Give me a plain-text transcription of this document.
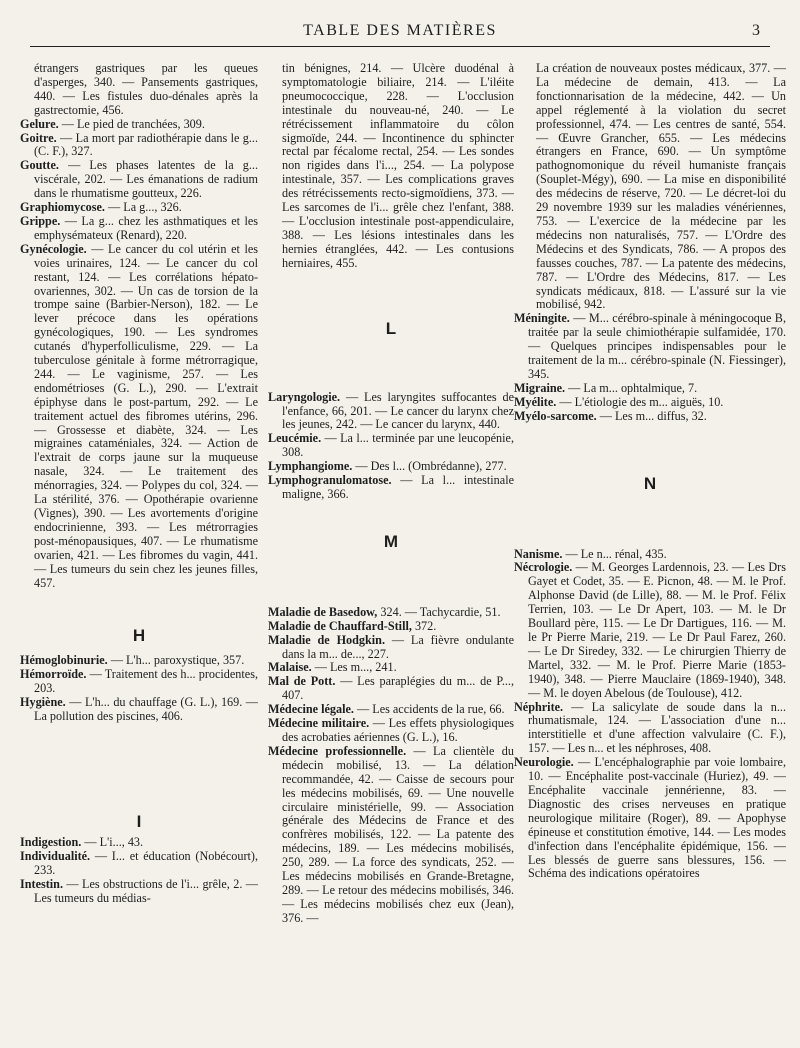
TABLE DES MATIÈRES	3

étrangers gastriques par les queues d'asperges, 340. — Pansements gastriques, 440. — Les fistules duo-dénales après la gastrectomie, 456.

Gelure. — Le pied de tranchées, 309.

Goitre. — La mort par radiothérapie dans le g... (C. F.), 327.

Goutte. — Les phases latentes de la g... viscérale, 202. — Les émanations de radium dans le rhumatisme goutteux, 226.

Graphiomycose. — La g..., 326.

Grippe. — La g... chez les asthmatiques et les emphysémateux (Renard), 220.

Gynécologie. — Le cancer du col utérin et les voies urinaires, 124. — Le cancer du col restant, 124. — Les corrélations hépato-ovariennes, 302. — Un cas de torsion de la trompe saine (Barbier-Nerson), 182. — Le lever précoce dans les opérations gynécologiques, 190. — Les syndromes cutanés d'hyperfolliculisme, 229. — La tuberculose génitale à forme métrorragique, 244. — Le vaginisme, 257. — Les endométrioses (G. L.), 290. — L'extrait épiphyse dans le post-partum, 292. — Le traitement actuel des fibromes utérins, 296. — Grossesse et diabète, 324. — Les migraines cataméniales, 324. — Action de l'extrait de corps jaune sur la muqueuse nasale, 324. — Le traitement des ménorragies, 324. — Polypes du col, 324. — La stérilité, 376. — Opothérapie ovarienne (Vignes), 390. — Les avortements d'origine endocrinienne, 393. — Les métrorragies post-ménopausiques, 407. — Le rhumatisme ovarien, 421. — Les fibromes du vagin, 441. — Les tumeurs du sein chez les jeunes filles, 457.

H

Hémoglobinurie. — L'h... paroxystique, 357.

Hémorroïde. — Traitement des h... procidentes, 203.

Hygiène. — L'h... du chauffage (G. L.), 169. — La pollution des piscines, 406.

I

Indigestion. — L'i..., 43.

Individualité. — I... et éducation (Nobécourt), 233.

Intestin. — Les obstructions de l'i... grêle, 2. — Les tumeurs du médias-

tin bénignes, 214. — Ulcère duodénal à symptomatologie biliaire, 214. — L'iléite pneumococcique, 228. — L'occlusion intestinale du nouveau-né, 240. — Le rétrécissement inflammatoire du côlon sigmoïde, 244. — Incontinence du sphincter rectal par fécalome rectal, 254. — Les sondes non rigides dans l'i..., 254. — La polypose intestinale, 357. — Les complications graves des rétrécissements recto-sigmoïdiens, 373. — Les sarcomes de l'i... grêle chez l'enfant, 388. — L'occlusion intestinale post-appendiculaire, 388. — Les lésions intestinales dans les hernies étranglées, 442. — Les contusions herniaires, 455.

L

Laryngologie. — Les laryngites suffocantes de l'enfance, 66, 201. — Le cancer du larynx chez les jeunes, 242. — Le cancer du larynx, 440.

Leucémie. — La l... terminée par une leucopénie, 308.

Lymphangiome. — Des l... (Ombrédanne), 277.

Lymphogranulomatose. — La l... intestinale maligne, 366.

M

Maladie de Basedow, 324. — Tachycardie, 51.

Maladie de Chauffard-Still, 372.

Maladie de Hodgkin. — La fièvre ondulante dans la m... de..., 227.

Malaise. — Les m..., 241.

Mal de Pott. — Les paraplégies du m... de P..., 407.

Médecine légale. — Les accidents de la rue, 66.

Médecine militaire. — Les effets physiologiques des acrobaties aériennes (G. L.), 16.

Médecine professionnelle. — La clientèle du médecin mobilisé, 13. — La délation recommandée, 42. — Caisse de secours pour les médecins mobilisés, 69. — Une nouvelle circulaire ministérielle, 99. — Association générale des Médecins de France et des confrères mobilisés, 122. — La patente des médecins, 189. — Les médecins mobilisés, 250, 289. — La force des syndicats, 252. — Les médecins mobilisés en Grande-Bretagne, 289. — Le retour des médecins mobilisés, 346. — Les médecins mobilisés chez eux (Jean), 376. —

La création de nouveaux postes médicaux, 377. — La médecine de demain, 413. — La fonctionnarisation de la médecine, 442. — Un appel réglementé à la violation du secret professionnel, 474. — Les centres de santé, 554. — Œuvre Grancher, 655. — Les médecins étrangers en France, 690. — Un symptôme pathognomonique du réveil humaniste français (Souplet-Mégy), 690. — La mise en disponibilité des médecins de réserve, 720. — Le décret-loi du 29 novembre 1939 sur les maladies vénériennes, 753. — L'exercice de la médecine par les médecins non naturalisés, 757. — L'Ordre des Médecins et des Syndicats, 786. — A propos des fausses couches, 787. — La patente des médecins, 787. — L'Ordre des Médecins, 817. — Les syndicats médicaux, 818. — L'assuré sur la vie mobilisé, 942.

Méningite. — M... cérébro-spinale à méningocoque B, traitée par la seule chimiothérapie sulfamidée, 170. — Quelques principes indispensables pour le traitement de la m... cérébro-spinale (N. Fiessinger), 345.

Migraine. — La m... ophtalmique, 7.

Myélite. — L'étiologie des m... aiguës, 10.

Myélo-sarcome. — Les m... diffus, 32.

N

Nanisme. — Le n... rénal, 435.

Nécrologie. — M. Georges Lardennois, 23. — Les Drs Gayet et Codet, 35. — E. Picnon, 48. — M. le Prof. Alphonse David (de Lille), 88. — M. le Prof. Félix Terrien, 103. — Le Dr Apert, 103. — M. le Dr Boullard père, 115. — Le Dr Dartigues, 116. — M. le Pr Pierre Marie, 219. — Le Dr Paul Farez, 260. — Le Dr Siredey, 332. — Le chirurgien Thierry de Martel, 332. — M. le Prof. Pierre Marie (1853-1940), 348. — Pierre Mauclaire (1869-1940), 348. — M. le doyen Abelous (de Toulouse), 412.

Néphrite. — La salicylate de soude dans la n... rhumatismale, 124. — L'association d'une n... interstitielle et d'une affection valvulaire (C. F.), 157. — Les n... et les néphroses, 408.

Neurologie. — L'encéphalographie par voie lombaire, 10. — Encéphalite post-vaccinale (Huriez), 49. — Encéphalite vaccinale jennérienne, 83. — Diagnostic des crises nerveuses en pratique neurologique militaire (Roger), 89. — Apophyse épineuse et constitution émotive, 144. — Les modes d'infection dans l'encéphalite épidémique, 156. — Les blessés de guerre sans blessures, 156. — Schéma des indications opératoires
